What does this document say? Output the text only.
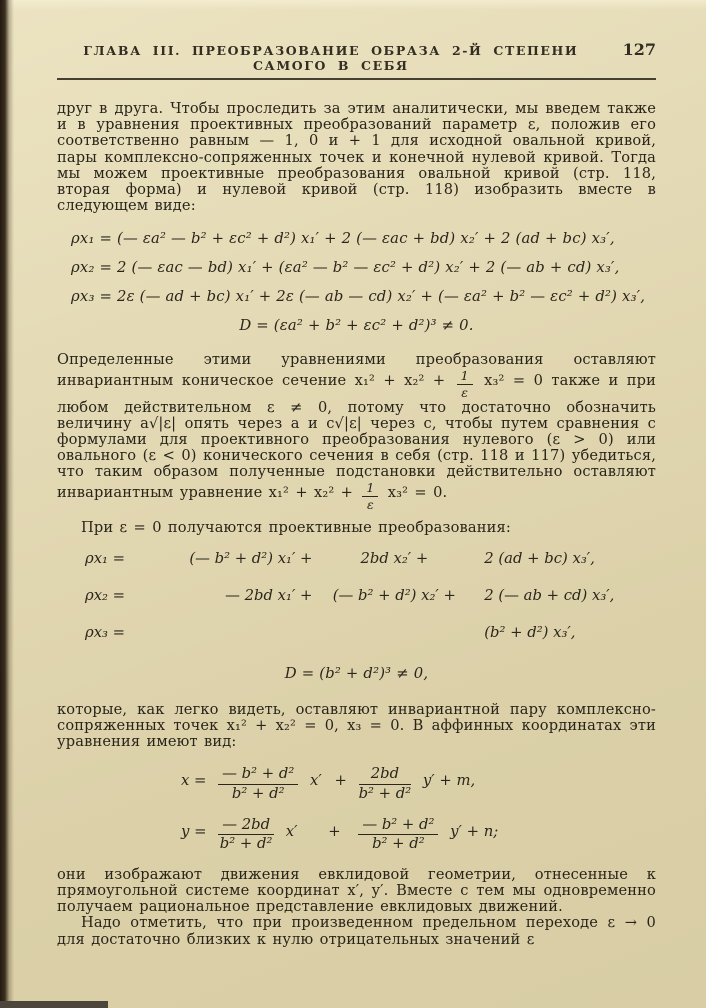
ГЛАВА III. ПРЕОБРАЗОВАНИЕ ОБРАЗА 2-Й СТЕПЕНИ САМОГО В СЕБЯ
127

друг в друга. Чтобы проследить за этим аналитически, мы введем также и в уравнения проективных преобразований параметр ε, положив его соответственно равным — 1, 0 и + 1 для исходной овальной кривой, пары комплексно-сопряженных точек и конечной нулевой кривой. Тогда мы можем проективные преобразования овальной кривой (стр. 118, вторая форма) и нулевой кривой (стр. 118) изобразить вместе в следующем виде:

ρx₁ = (— εa² — b² + εc² + d²) x₁′ + 2 (— εac + bd) x₂′ + 2 (ad + bc) x₃′,
ρx₂ = 2 (— εac — bd) x₁′ + (εa² — b² — εc² + d²) x₂′ + 2 (— ab + cd) x₃′,
ρx₃ = 2ε (— ad + bc) x₁′ + 2ε (— ab — cd) x₂′ + (— εa² + b² — εc² + d²) x₃′,
D = (εa² + b² + εc² + d²)³ ≠ 0.

Определенные этими уравнениями преобразования оставляют инвариантным коническое сечение $x_1^2 + x_2^2 + \frac{1}{\varepsilon} x_3^2 = 0$ также и при любом действительном ε ≠ 0, потому что достаточно обозначить величину a√|ε| опять через a и c√|ε| через c, чтобы путем сравнения с формулами для проективного преобразования нулевого (ε > 0) или овального (ε < 0) конического сечения в себя (стр. 118 и 117) убедиться, что таким образом полученные подстановки действительно оставляют инвариантным уравнение $x_1^2 + x_2^2 + \frac{1}{\varepsilon} x_3^2 = 0$.

При ε = 0 получаются проективные преобразования:

ρx₁ =	(— b² + d²) x₁′ +	2bd x₂′ +	2 (ad + bc) x₃′,
ρx₂ =	— 2bd x₁′ +	(— b² + d²) x₂′ +	2 (— ab + cd) x₃′,
ρx₃ =			(b² + d²) x₃′,
D = (b² + d²)³ ≠ 0,

которые, как легко видеть, оставляют инвариантной пару комплексно-сопряженных точек x₁² + x₂² = 0, x₃ = 0. В аффинных координатах эти уравнения имеют вид:

$x = \frac{\text{— b² + d²}}{\text{b² + d²}} x' + \frac{2bd}{\text{b² + d²}} y' + m$,
$y = \frac{— 2bd}{\text{b² + d²}} x' + \frac{\text{— b² + d²}}{\text{b² + d²}} y' + n$;

они изображают движения евклидовой геометрии, отнесенные к прямоугольной системе координат x′, y′. Вместе с тем мы одновременно получаем рациональное представление евклидовых движений.

Надо отметить, что при произведенном предельном переходе ε → 0 для достаточно близких к нулю отрицательных значений ε
